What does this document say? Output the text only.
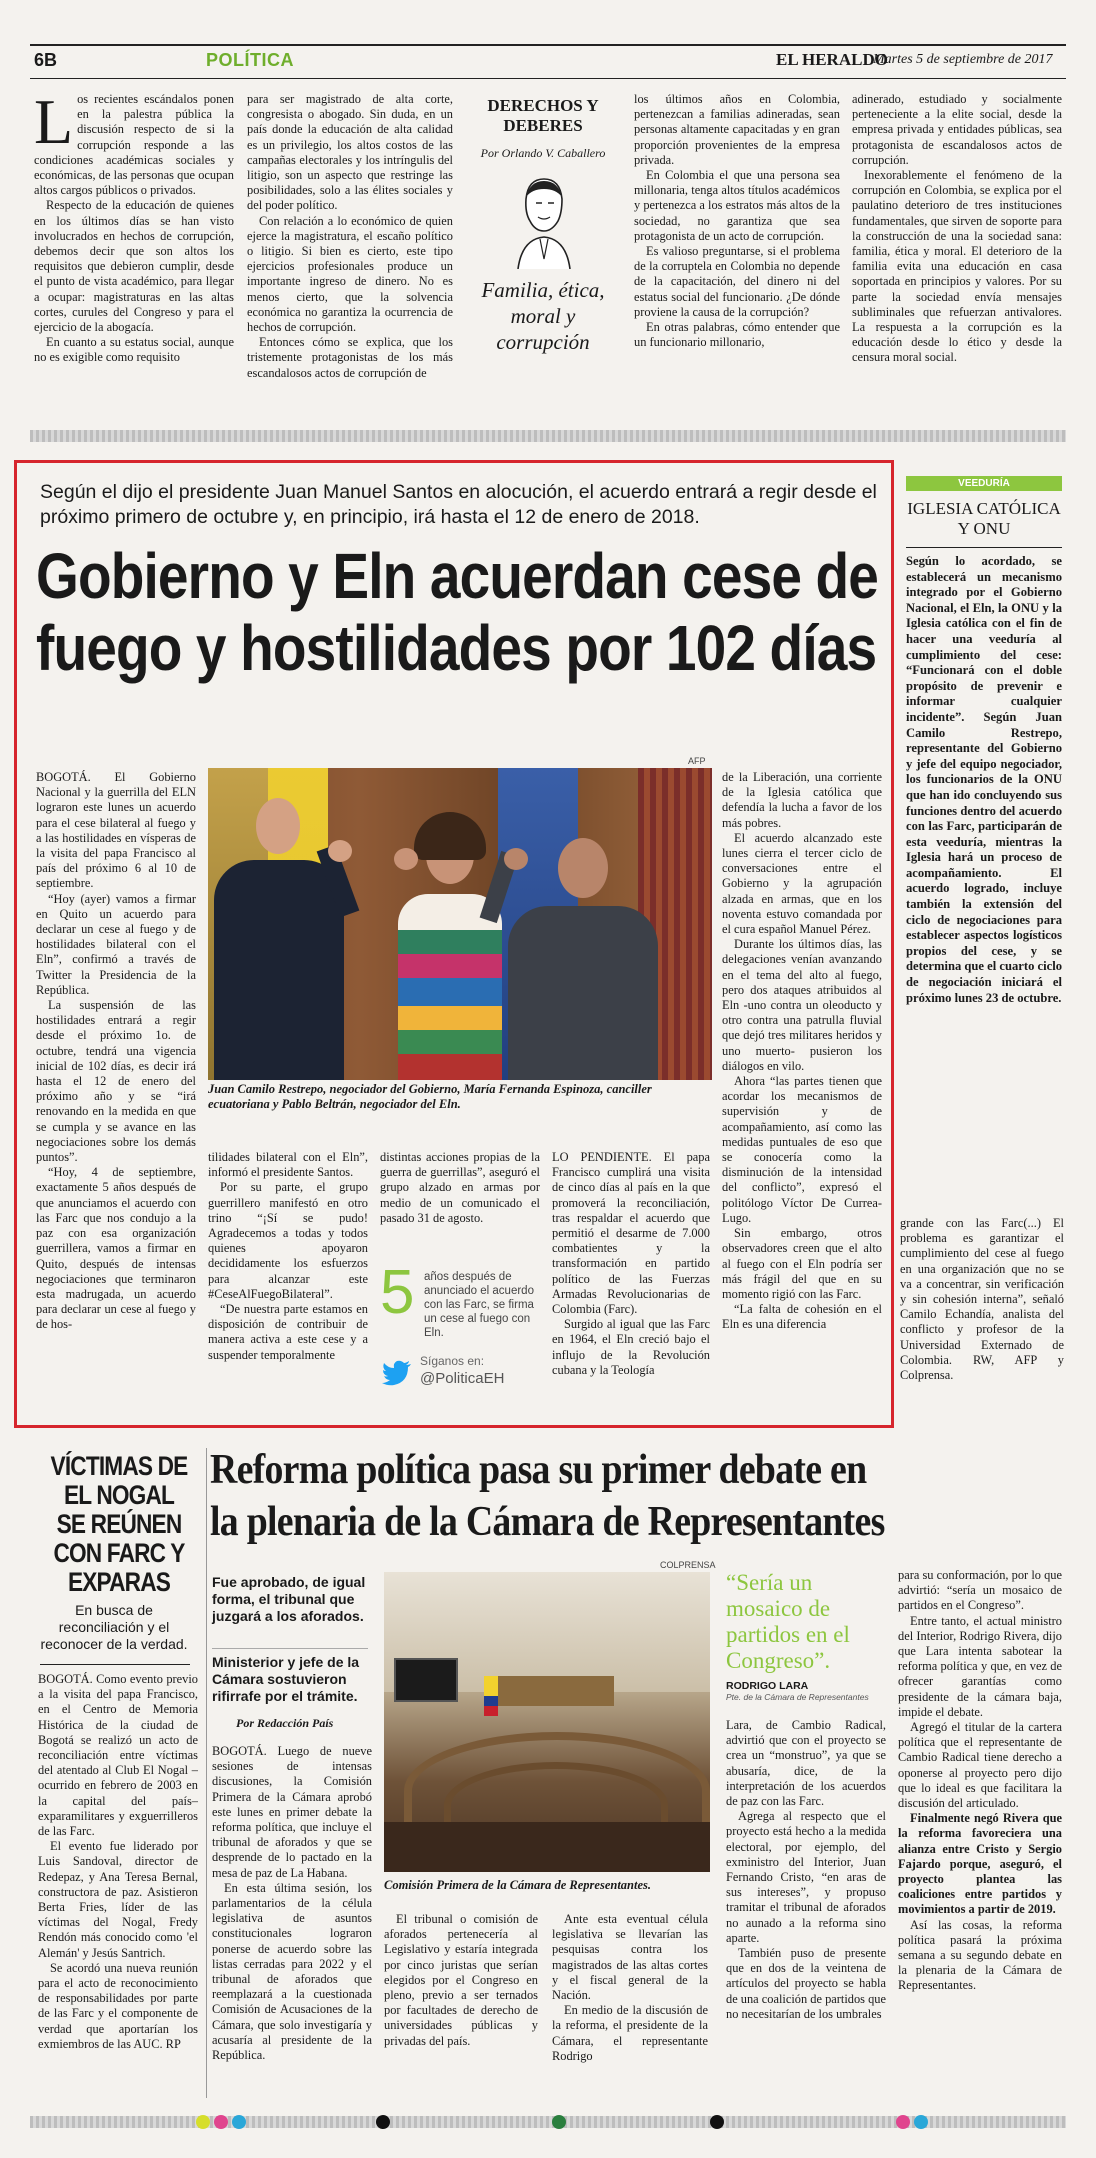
6B	POLÍTICA	EL HERALDO
Martes 5 de septiembre de 2017
Los recientes escándalos ponen en la palestra pública la discusión respecto de si la corrupción responde a las condiciones académicas sociales y económicas, de las personas que ocupan altos cargos públicos o privados.

Respecto de la educación de quienes en los últimos días se han visto involucrados en hechos de corrupción, debemos decir que son altos los requisitos que debieron cumplir, desde el punto de vista académico, para llegar a ocupar: magistraturas en las altas cortes, curules del Congreso y para el ejercicio de la abogacía.

En cuanto a su estatus social, aunque no es exigible como requisito

para ser magistrado de alta corte, congresista o abogado. Sin duda, en un país donde la educación de alta calidad es un privilegio, los altos costos de las campañas electorales y los intríngulis del litigio, son un aspecto que restringe las posibilidades, solo a las élites sociales y del poder político.

Con relación a lo económico de quien ejerce la magistratura, el escaño político o litigio. Si bien es cierto, este tipo ejercicios profesionales produce un importante ingreso de dinero. No es menos cierto, que la solvencia económica no garantiza la ocurrencia de hechos de corrupción.

Entonces cómo se explica, que los tristemente protagonistas de los más escandalosos actos de corrupción de

DERECHOS Y DEBERES
Por Orlando V. Caballero
Familia, ética, moral y corrupción

los últimos años en Colombia, pertenezcan a familias adineradas, sean personas altamente capacitadas y en gran proporción provenientes de la empresa privada.

En Colombia el que una persona sea millonaria, tenga altos títulos académicos y pertenezca a los estratos más altos de la sociedad, no garantiza que sea protagonista de un acto de corrupción.

Es valioso preguntarse, si el problema de la corruptela en Colombia no depende de la capacitación, del dinero ni del estatus social del funcionario. ¿De dónde proviene la causa de la corrupción?

En otras palabras, cómo entender que un funcionario millonario,

adinerado, estudiado y socialmente perteneciente a la elite social, desde la empresa privada y entidades públicas, sea protagonista de escandalosos actos de corrupción.

Inexorablemente el fenómeno de la corrupción en Colombia, se explica por el paulatino deterioro de tres instituciones fundamentales, que sirven de soporte para la construcción de una la sociedad sana: familia, ética y moral. El deterioro de la familia evita una educación en casa soportada en principios y valores. Por su parte la sociedad envía mensajes subliminales que refuerzan antivalores. La respuesta a la corrupción es la educación desde lo ético y desde la censura moral social.

Según el dijo el presidente Juan Manuel Santos en alocución, el acuerdo entrará a regir desde el próximo primero de octubre y, en principio, irá hasta el 12 de enero de 2018.
Gobierno y Eln acuerdan cese de
fuego y hostilidades por 102 días

BOGOTÁ. El Gobierno Nacional y la guerrilla del ELN lograron este lunes un acuerdo para el cese bilateral al fuego y a las hostilidades en vísperas de la visita del papa Francisco al país del próximo 6 al 10 de septiembre.

“Hoy (ayer) vamos a firmar en Quito un acuerdo para declarar un cese al fuego y de hostilidades bilateral con el Eln”, confirmó a través de Twitter la Presidencia de la República.

La suspensión de las hostilidades entrará a regir desde el próximo 1o. de octubre, tendrá una vigencia inicial de 102 días, es decir irá hasta el 12 de enero del próximo año y se “irá renovando en la medida en que se cumpla y se avance en las negociaciones sobre los demás puntos”.

“Hoy, 4 de septiembre, exactamente 5 años después de que anunciamos el acuerdo con las Farc que nos condujo a la paz con esa organización guerrillera, vamos a firmar en Quito, después de intensas negociaciones que terminaron esta madrugada, un acuerdo para declarar un cese al fuego y de hos-

AFP
Juan Camilo Restrepo, negociador del Gobierno, María Fernanda Espinoza, canciller ecuatoriana y Pablo Beltrán, negociador del Eln.

tilidades bilateral con el Eln”, informó el presidente Santos.

Por su parte, el grupo guerrillero manifestó en otro trino “¡Sí se pudo! Agradecemos a todas y todos quienes apoyaron decididamente los esfuerzos para alcanzar este #CeseAlFuegoBilateral”.

“De nuestra parte estamos en disposición de contribuir de manera activa a este cese y a suspender temporalmente

distintas acciones propias de la guerra de guerrillas”, aseguró el grupo alzado en armas por medio de un comunicado el pasado 31 de agosto.

5 años después de anunciado el acuerdo con las Farc, se firma un cese al fuego con Eln.
Síganos en:
@PoliticaEH

LO PENDIENTE. El papa Francisco cumplirá una visita de cinco días al país en la que promoverá la reconciliación, tras respaldar el acuerdo que permitió el desarme de 7.000 combatientes y la transformación en partido político de las Fuerzas Armadas Revolucionarias de Colombia (Farc).

Surgido al igual que las Farc en 1964, el Eln creció bajo el influjo de la Revolución cubana y la Teología

de la Liberación, una corriente de la Iglesia católica que defendía la lucha a favor de los más pobres.

El acuerdo alcanzado este lunes cierra el tercer ciclo de conversaciones entre el Gobierno y la agrupación alzada en armas, que en los noventa estuvo comandada por el cura español Manuel Pérez.

Durante los últimos días, las delegaciones venían avanzando en el tema del alto al fuego, pero dos ataques atribuidos al Eln -uno contra un oleoducto y otro contra una patrulla fluvial que dejó tres militares heridos y uno muerto- pusieron los diálogos en vilo.

Ahora “las partes tienen que acordar los mecanismos de supervisión y de acompañamiento, así como las medidas puntuales de eso que se conocería como la disminución de la intensidad del conflicto”, expresó el politólogo Víctor De Currea-Lugo.

Sin embargo, otros observadores creen que el alto al fuego con el Eln podría ser más frágil del que en su momento rigió con las Farc.

“La falta de cohesión en el Eln es una diferencia

VEEDURÍA
IGLESIA CATÓLICA Y ONU
Según lo acordado, se establecerá un mecanismo integrado por el Gobierno Nacional, el Eln, la ONU y la Iglesia católica con el fin de hacer una veeduría al cumplimiento del cese: “Funcionará con el doble propósito de prevenir e informar cualquier incidente”. Según Juan Camilo Restrepo, representante del Gobierno y jefe del equipo negociador, los funcionarios de la ONU que han ido concluyendo sus funciones dentro del acuerdo con las Farc, participarán de esta veeduría, mientras la Iglesia hará un proceso de acompañamiento. El acuerdo logrado, incluye también la extensión del ciclo de negociaciones para establecer aspectos logísticos propios del cese, y se determina que el cuarto ciclo de negociación iniciará el próximo lunes 23 de octubre.
grande con las Farc(...) El problema es garantizar el cumplimiento del cese al fuego en una organización que no se va a concentrar, sin verificación y sin cohesión interna”, señaló Camilo Echandía, analista del conflicto y profesor de la Universidad Externado de Colombia. RW, AFP y Colprensa.
VÍCTIMAS DE EL NOGAL SE REÚNEN CON FARC Y EXPARAS
En busca de reconciliación y el reconocer de la verdad.

BOGOTÁ. Como evento previo a la visita del papa Francisco, en el Centro de Memoria Histórica de la ciudad de Bogotá se realizó un acto de reconciliación entre víctimas del atentado al Club El Nogal –ocurrido en febrero de 2003 en la capital del país– exparamilitares y exguerrilleros de las Farc.

El evento fue liderado por Luis Sandoval, director de Redepaz, y Ana Teresa Bernal, constructora de paz. Asistieron Berta Fries, líder de las víctimas del Nogal, Fredy Rendón más conocido como 'el Alemán' y Jesús Santrich.

Se acordó una nueva reunión para el acto de reconocimiento de responsabilidades por parte de las Farc y el componente de verdad que aportarían los exmiembros de las AUC. RP

Reforma política pasa su primer debate en
la plenaria de la Cámara de Representantes
Fue aprobado, de igual forma, el tribunal que juzgará a los aforados.
Ministerior y jefe de la Cámara sostuvieron rifirrafe por el trámite.
Por Redacción País

BOGOTÁ. Luego de nueve sesiones de intensas discusiones, la Comisión Primera de la Cámara aprobó este lunes en primer debate la reforma política, que incluye el tribunal de aforados y que se desprende de lo pactado en la mesa de paz de La Habana.

En esta última sesión, los parlamentarios de la célula legislativa de asuntos constitucionales lograron ponerse de acuerdo sobre las listas cerradas para 2022 y el tribunal de aforados que reemplazará a la cuestionada Comisión de Acusaciones de la Cámara, que solo investigaría y acusaría al presidente de la República.

COLPRENSA
Comisión Primera de la Cámara de Representantes.

El tribunal o comisión de aforados pertenecería al Legislativo y estaría integrada por cinco juristas que serían elegidos por el Congreso en pleno, previo a ser ternados por facultades de derecho de universidades públicas y privadas del país.

Ante esta eventual célula legislativa se llevarían las pesquisas contra los magistrados de las altas cortes y el fiscal general de la Nación.

En medio de la discusión de la reforma, el presidente de la Cámara, el representante Rodrigo

“Sería un mosaico de partidos en el Congreso”.
RODRIGO LARA
Pte. de la Cámara de Representantes

Lara, de Cambio Radical, advirtió que con el proyecto se crea un “monstruo”, ya que se abusaría, dice, de la interpretación de los acuerdos de paz con las Farc.

Agrega al respecto que el proyecto está hecho a la medida electoral, por ejemplo, del exministro del Interior, Juan Fernando Cristo, “en aras de sus intereses”, y propuso tramitar el tribunal de aforados no aunado a la reforma sino aparte.

También puso de presente que en dos de la veintena de artículos del proyecto se habla de una coalición de partidos que no necesitarían de los umbrales

para su conformación, por lo que advirtió: “sería un mosaico de partidos en el Congreso”.

Entre tanto, el actual ministro del Interior, Rodrigo Rivera, dijo que Lara intenta sabotear la reforma política y que, en vez de ofrecer garantías como presidente de la cámara baja, impide el debate.

Agregó el titular de la cartera política que el representante de Cambio Radical tiene derecho a oponerse al proyecto pero dijo que lo ideal es que facilitara la discusión del articulado.

Finalmente negó Rivera que la reforma favoreciera una alianza entre Cristo y Sergio Fajardo porque, aseguró, el proyecto plantea las coaliciones entre partidos y movimientos a partir de 2019.

Así las cosas, la reforma política pasará la próxima semana a su segundo debate en la plenaria de la Cámara de Representantes.
